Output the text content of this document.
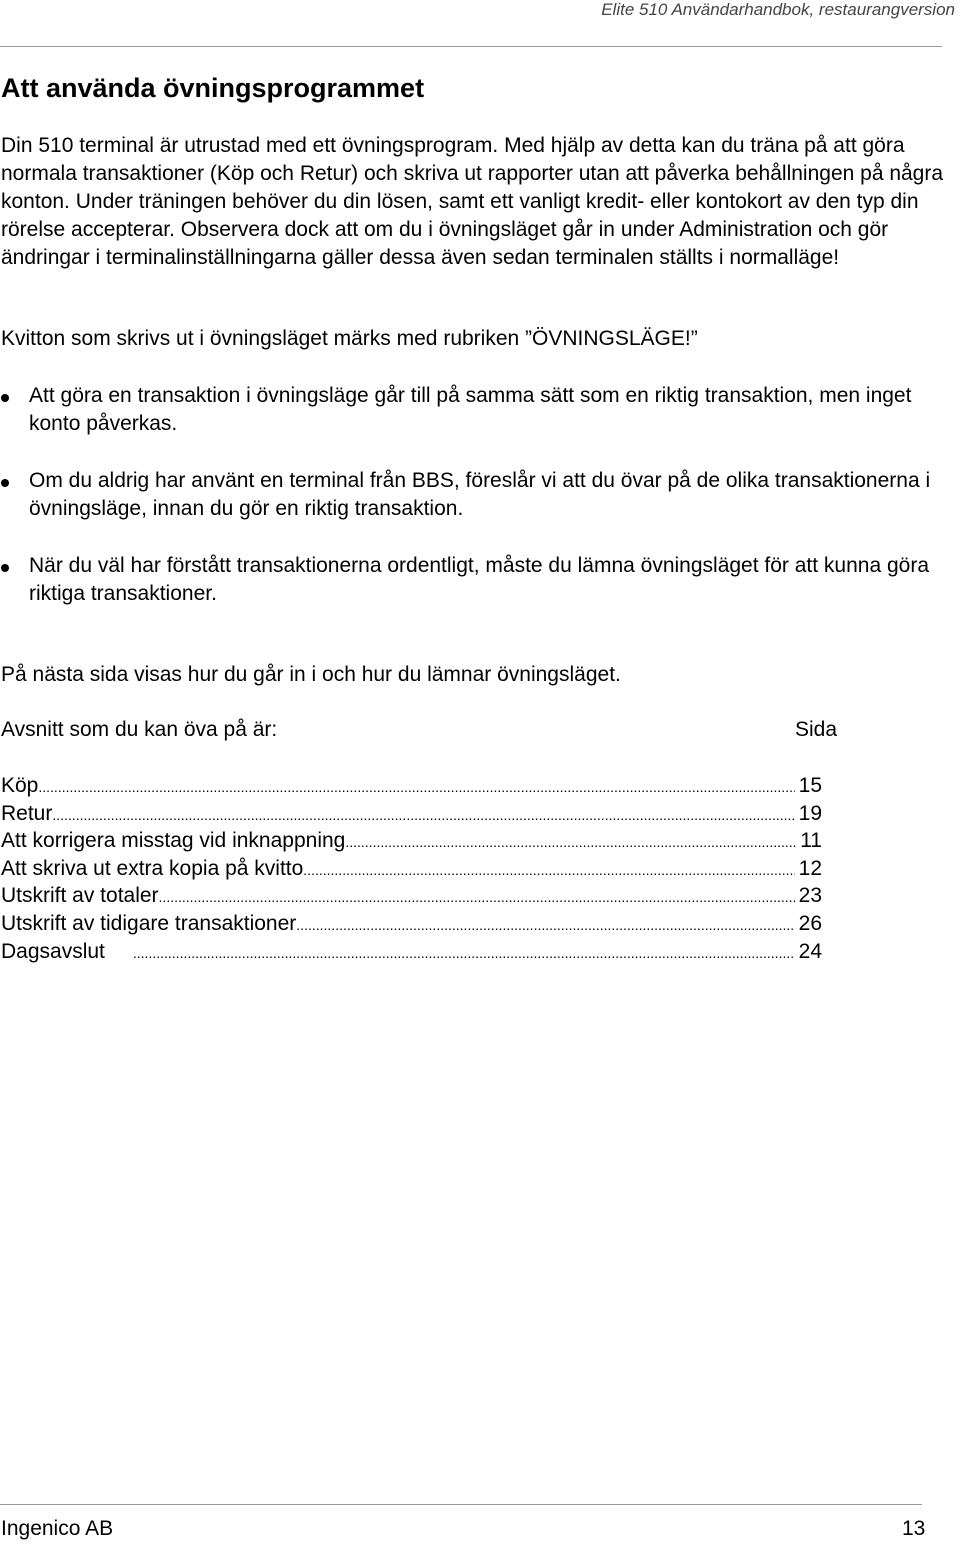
Elite 510 Användarhandbok, restaurangversion
Att använda övningsprogrammet

Din 510 terminal är utrustad med ett övningsprogram. Med hjälp av detta kan du träna på att göra normala transaktioner (Köp och Retur) och skriva ut rapporter utan att påverka behållningen på några konton. Under träningen behöver du din lösen, samt ett vanligt kredit- eller kontokort av den typ din rörelse accepterar. Observera dock att om du i övningsläget går in under Administration och gör ändringar i terminalinställningarna gäller dessa även sedan terminalen ställts i normalläge!

Kvitton som skrivs ut i övningsläget märks med rubriken ”ÖVNINGSLÄGE!”

Att göra en transaktion i övningsläge går till på samma sätt som en riktig transaktion, men inget konto påverkas.
Om du aldrig har använt en terminal från BBS, föreslår vi att du övar på de olika transaktionerna i övningsläge, innan du gör en riktig transaktion.
När du väl har förstått transaktionerna ordentligt, måste du lämna övningsläget för att kunna göra riktiga transaktioner.

På nästa sida visas hur du går in i och hur du lämnar övningsläget.

Avsnitt som du kan öva på är:	Sida
Köp .....	15
Retur .....	19
Att korrigera misstag vid inknappning .....	11
Att skriva ut extra kopia på kvitto .....	12
Utskrift av totaler .....	23
Utskrift av tidigare transaktioner .....	26
Dagsavslut .....	24
Ingenico AB	13
